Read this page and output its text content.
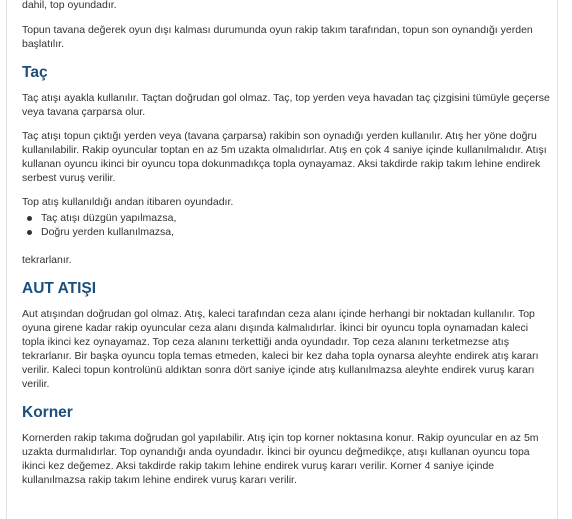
dahil, top oyundadır.

Topun tavana değerek oyun dışı kalması durumunda oyun rakip takım tarafından, topun son oynandığı yerden başlatılır.

Taç

Taç atışı ayakla kullanılır. Taçtan doğrudan gol olmaz. Taç, top yerden veya havadan taç çizgisini tümüyle geçerse veya tavana çarparsa olur.

Taç atışı topun çıktığı yerden veya (tavana çarparsa) rakibin son oynadığı yerden kullanılır. Atış her yöne doğru kullanılabilir. Rakip oyuncular toptan en az 5m uzakta olmalıdırlar. Atış en çok 4 saniye içinde kullanılmalıdır. Atışı kullanan oyuncu ikinci bir oyuncu topa dokunmadıkça topla oynayamaz. Aksi takdirde rakip takım lehine endirek serbest vuruş verilir.

Top atış kullanıldığı andan itibaren oyundadır.

Taç atışı düzgün yapılmazsa,
Doğru yerden kullanılmazsa,

tekrarlanır.

AUT ATIŞI

Aut atışından doğrudan gol olmaz. Atış, kaleci tarafından ceza alanı içinde herhangi bir noktadan kullanılır. Top oyuna girene kadar rakip oyuncular ceza alanı dışında kalmalıdırlar. İkinci bir oyuncu topla oynamadan kaleci topla ikinci kez oynayamaz. Top ceza alanını terkettiği anda oyundadır. Top ceza alanını terketmezse atış tekrarlanır. Bir başka oyuncu topla temas etmeden, kaleci bir kez daha topla oynarsa aleyhte endirek atış kararı verilir. Kaleci topun kontrolünü aldıktan sonra dört saniye içinde atış kullanılmazsa aleyhte endirek vuruş kararı verilir.

Korner

Kornerden rakip takıma doğrudan gol yapılabilir. Atış için top korner noktasına konur. Rakip oyuncular en az 5m uzakta durmalıdırlar. Top oynandığı anda oyundadır. İkinci bir oyuncu değmedikçe, atışı kullanan oyuncu topa ikinci kez değemez. Aksi takdirde rakip takım lehine endirek vuruş kararı verilir. Korner 4 saniye içinde kullanılmazsa rakip takım lehine endirek vuruş kararı verilir.
